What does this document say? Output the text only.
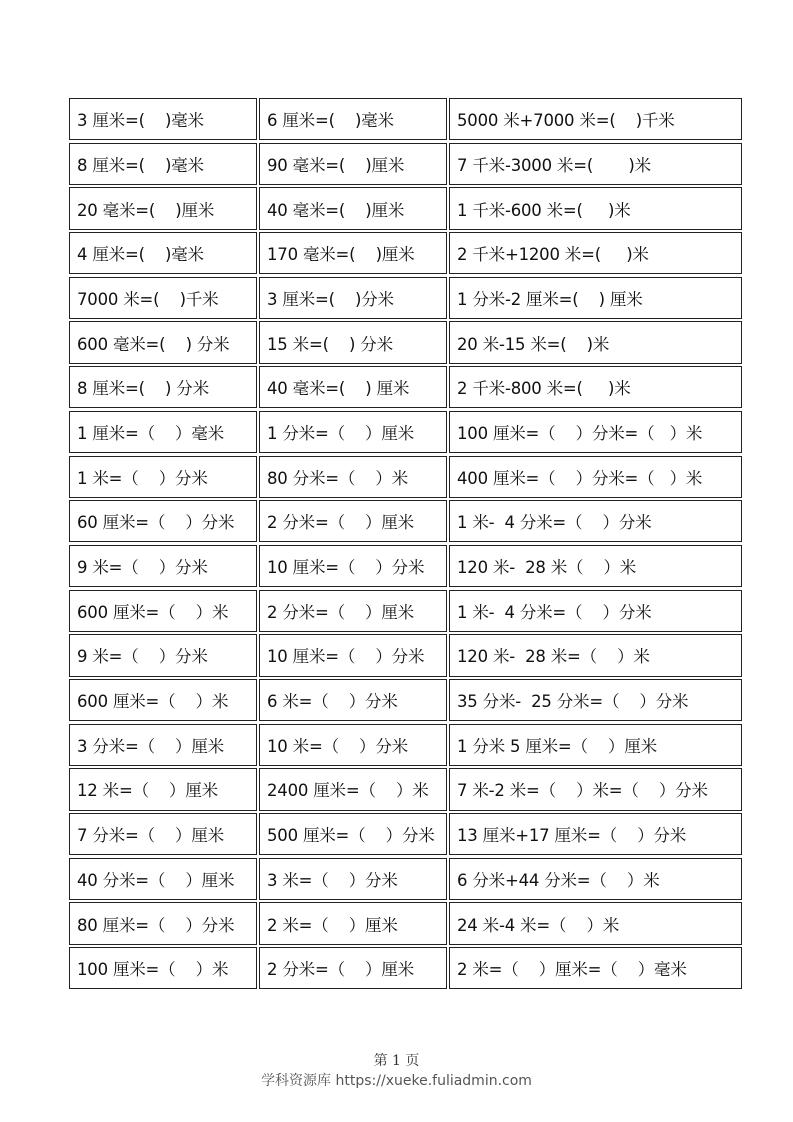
3 厘米=(    )毫米	6 厘米=(    )毫米	5000 米+7000 米=(    )千米
8 厘米=(    )毫米	90 毫米=(    )厘米	7 千米-3000 米=(       )米
20 毫米=(    )厘米	40 毫米=(    )厘米	1 千米-600 米=(     )米
4 厘米=(    )毫米	170 毫米=(    )厘米	2 千米+1200 米=(     )米
7000 米=(    )千米	3 厘米=(    )分米	1 分米-2 厘米=(    ) 厘米
600 毫米=(    ) 分米	15 米=(    ) 分米	20 米-15 米=(    )米
8 厘米=(    ) 分米	40 毫米=(    ) 厘米	2 千米-800 米=(     )米
1 厘米=（    ）毫米	1 分米=（    ）厘米	100 厘米=（    ）分米=（   ）米
1 米=（    ）分米	80 分米=（    ）米	400 厘米=（    ）分米=（   ）米
60 厘米=（    ）分米	2 分米=（    ）厘米	1 米-  4 分米=（    ）分米
9 米=（    ）分米	10 厘米=（    ）分米	120 米-  28 米（    ）米
600 厘米=（    ）米	2 分米=（    ）厘米	1 米-  4 分米=（    ）分米
9 米=（    ）分米	10 厘米=（    ）分米	120 米-  28 米=（    ）米
600 厘米=（    ）米	6 米=（    ）分米	35 分米-  25 分米=（    ）分米
3 分米=（    ）厘米	10 米=（    ）分米	1 分米 5 厘米=（    ）厘米
12 米=（    ）厘米	2400 厘米=（    ）米	7 米-2 米=（    ）米=（    ）分米
7 分米=（    ）厘米	500 厘米=（    ）分米	13 厘米+17 厘米=（    ）分米
40 分米=（    ）厘米	3 米=（    ）分米	6 分米+44 分米=（    ）米
80 厘米=（    ）分米	2 米=（    ）厘米	24 米-4 米=（    ）米
100 厘米=（    ）米	2 分米=（    ）厘米	2 米=（    ）厘米=（    ）毫米
第 1 页
学科资源库 https://xueke.fuliadmin.com
